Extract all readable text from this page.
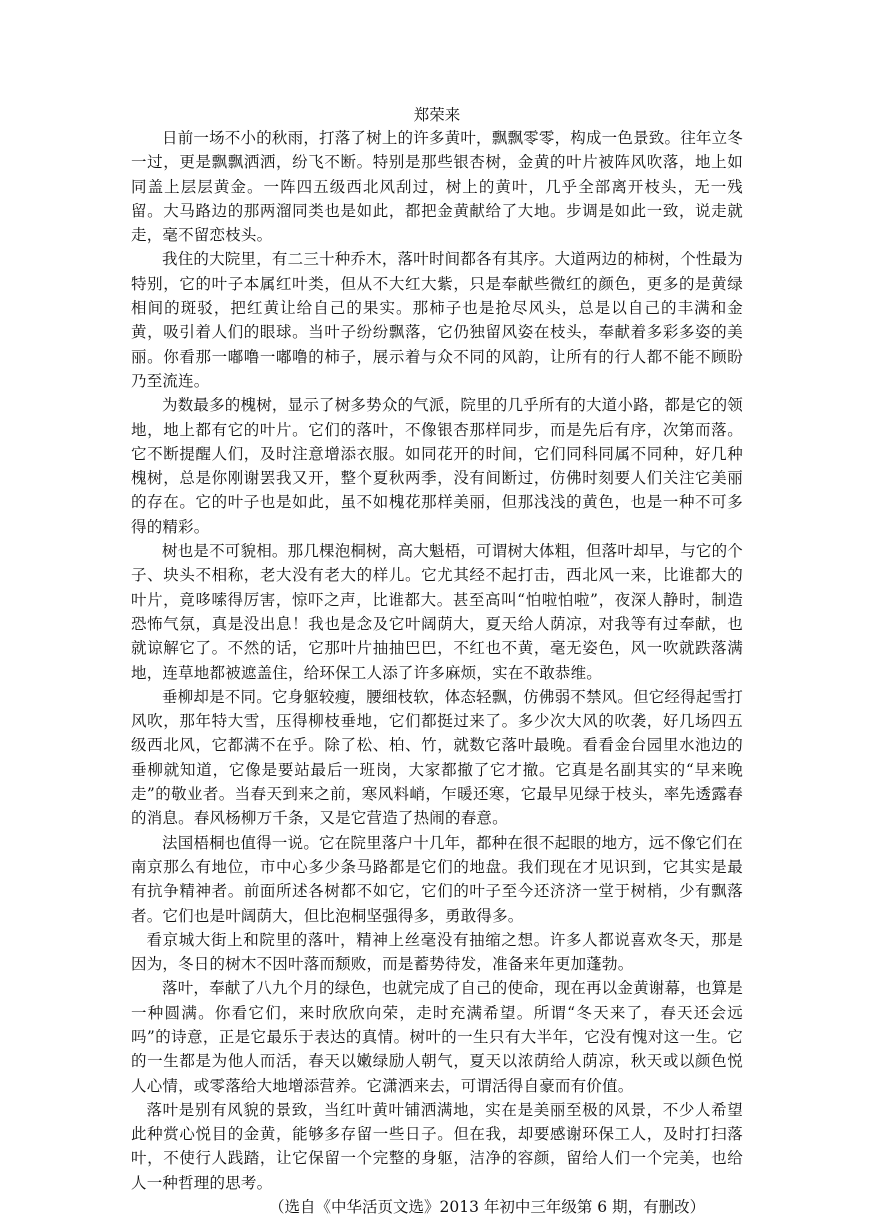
郑荣来

日前一场不小的秋雨，打落了树上的许多黄叶，飘飘零零，构成一色景致。往年立冬一过，更是飘飘洒洒，纷飞不断。特别是那些银杏树，金黄的叶片被阵风吹落，地上如同盖上层层黄金。一阵四五级西北风刮过，树上的黄叶，几乎全部离开枝头，无一残留。大马路边的那两溜同类也是如此，都把金黄献给了大地。步调是如此一致，说走就走，毫不留恋枝头。

我住的大院里，有二三十种乔木，落叶时间都各有其序。大道两边的柿树，个性最为特别，它的叶子本属红叶类，但从不大红大紫，只是奉献些微红的颜色，更多的是黄绿相间的斑驳，把红黄让给自己的果实。那柿子也是抢尽风头，总是以自己的丰满和金黄，吸引着人们的眼球。当叶子纷纷飘落，它仍独留风姿在枝头，奉献着多彩多姿的美丽。你看那一嘟噜一嘟噜的柿子，展示着与众不同的风韵，让所有的行人都不能不顾盼乃至流连。

为数最多的槐树，显示了树多势众的气派，院里的几乎所有的大道小路，都是它的领地，地上都有它的叶片。它们的落叶，不像银杏那样同步，而是先后有序，次第而落。它不断提醒人们，及时注意增添衣服。如同花开的时间，它们同科同属不同种，好几种槐树，总是你刚谢罢我又开，整个夏秋两季，没有间断过，仿佛时刻要人们关注它美丽的存在。它的叶子也是如此，虽不如槐花那样美丽，但那浅浅的黄色，也是一种不可多得的精彩。

树也是不可貌相。那几棵泡桐树，高大魁梧，可谓树大体粗，但落叶却早，与它的个子、块头不相称，老大没有老大的样儿。它尤其经不起打击，西北风一来，比谁都大的叶片，竟哆嗦得厉害，惊吓之声，比谁都大。甚至高叫“怕啦怕啦”，夜深人静时，制造恐怖气氛，真是没出息！我也是念及它叶阔荫大，夏天给人荫凉，对我等有过奉献，也就谅解它了。不然的话，它那叶片抽抽巴巴，不红也不黄，毫无姿色，风一吹就跌落满地，连草地都被遮盖住，给环保工人添了许多麻烦，实在不敢恭维。

垂柳却是不同。它身躯较瘦，腰细枝软，体态轻飘，仿佛弱不禁风。但它经得起雪打风吹，那年特大雪，压得柳枝垂地，它们都挺过来了。多少次大风的吹袭，好几场四五级西北风，它都满不在乎。除了松、柏、竹，就数它落叶最晚。看看金台园里水池边的垂柳就知道，它像是要站最后一班岗，大家都撤了它才撤。它真是名副其实的“早来晚走”的敬业者。当春天到来之前，寒风料峭，乍暖还寒，它最早见绿于枝头，率先透露春的消息。春风杨柳万千条，又是它营造了热闹的春意。

法国梧桐也值得一说。它在院里落户十几年，都种在很不起眼的地方，远不像它们在南京那么有地位，市中心多少条马路都是它们的地盘。我们现在才见识到，它其实是最有抗争精神者。前面所述各树都不如它，它们的叶子至今还济济一堂于树梢，少有飘落者。它们也是叶阔荫大，但比泡桐坚强得多，勇敢得多。

看京城大街上和院里的落叶，精神上丝毫没有抽缩之想。许多人都说喜欢冬天，那是因为，冬日的树木不因叶落而颓败，而是蓄势待发，准备来年更加蓬勃。

落叶，奉献了八九个月的绿色，也就完成了自己的使命，现在再以金黄谢幕，也算是一种圆满。你看它们，来时欣欣向荣，走时充满希望。所谓“冬天来了，春天还会远吗”的诗意，正是它最乐于表达的真情。树叶的一生只有大半年，它没有愧对这一生。它的一生都是为他人而活，春天以嫩绿励人朝气，夏天以浓荫给人荫凉，秋天或以颜色悦人心情，或零落给大地增添营养。它潇洒来去，可谓活得自豪而有价值。

落叶是别有风貌的景致，当红叶黄叶铺洒满地，实在是美丽至极的风景，不少人希望此种赏心悦目的金黄，能够多存留一些日子。但在我，却要感谢环保工人，及时打扫落叶，不使行人践踏，让它保留一个完整的身躯，洁净的容颜，留给人们一个完美，也给人一种哲理的思考。

（选自《中华活页文选》2013 年初中三年级第 6 期，有删改）
